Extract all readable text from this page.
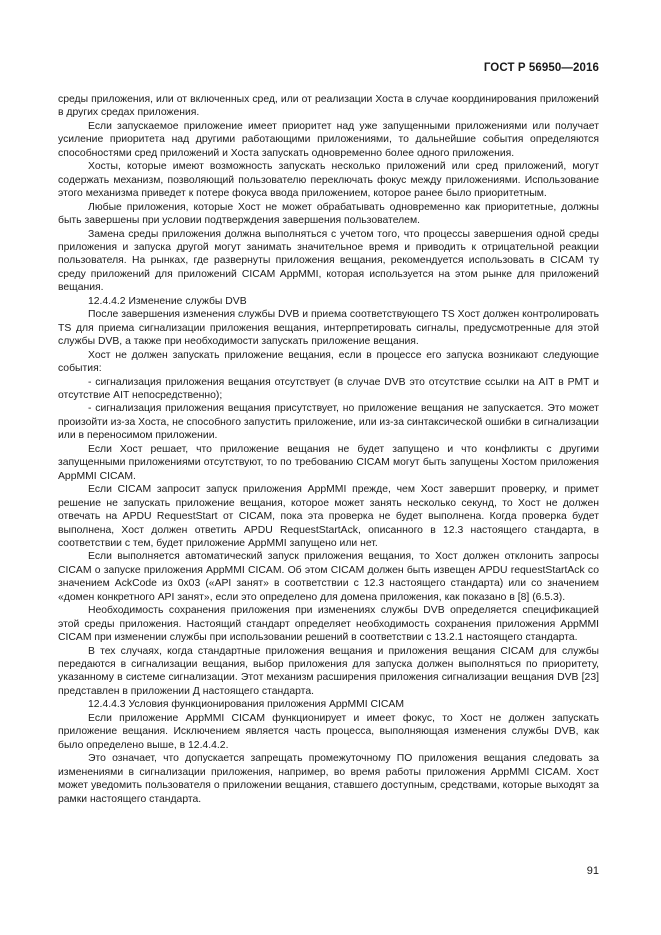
ГОСТ Р 56950—2016

среды приложения, или от включенных сред, или от реализации Хоста в случае координирования приложений в других средах приложения.

Если запускаемое приложение имеет приоритет над уже запущенными приложениями или получает усиление приоритета над другими работающими приложениями, то дальнейшие события определяются способностями сред приложений и Хоста запускать одновременно более одного приложения.

Хосты, которые имеют возможность запускать несколько приложений или сред приложений, могут содержать механизм, позволяющий пользователю переключать фокус между приложениями. Использование этого механизма приведет к потере фокуса ввода приложением, которое ранее было приоритетным.

Любые приложения, которые Хост не может обрабатывать одновременно как приоритетные, должны быть завершены при условии подтверждения завершения пользователем.

Замена среды приложения должна выполняться с учетом того, что процессы завершения одной среды приложения и запуска другой могут занимать значительное время и приводить к отрицательной реакции пользователя. На рынках, где развернуты приложения вещания, рекомендуется использовать в CICAM ту среду приложений для приложений CICAM AppMMI, которая используется на этом рынке для приложений вещания.

12.4.4.2 Изменение службы DVB

После завершения изменения службы DVB и приема соответствующего TS Хост должен контролировать TS для приема сигнализации приложения вещания, интерпретировать сигналы, предусмотренные для этой службы DVB, а также при необходимости запускать приложение вещания.

Хост не должен запускать приложение вещания, если в процессе его запуска возникают следующие события:

- сигнализация приложения вещания отсутствует (в случае DVB это отсутствие ссылки на AIT в PMT и отсутствие AIT непосредственно);

- сигнализация приложения вещания присутствует, но приложение вещания не запускается. Это может произойти из-за Хоста, не способного запустить приложение, или из-за синтаксической ошибки в сигнализации или в переносимом приложении.

Если Хост решает, что приложение вещания не будет запущено и что конфликты с другими запущенными приложениями отсутствуют, то по требованию CICAM могут быть запущены Хостом приложения AppMMI CICAM.

Если CICAM запросит запуск приложения AppMMI прежде, чем Хост завершит проверку, и примет решение не запускать приложение вещания, которое может занять несколько секунд, то Хост не должен отвечать на APDU RequestStart от CICAM, пока эта проверка не будет выполнена. Когда проверка будет выполнена, Хост должен ответить APDU RequestStartAck, описанного в 12.3 настоящего стандарта, в соответствии с тем, будет приложение AppMMI запущено или нет.

Если выполняется автоматический запуск приложения вещания, то Хост должен отклонить запросы CICAM о запуске приложения AppMMI CICAM. Об этом CICAM должен быть извещен APDU requestStartAck со значением AckCode из 0x03 («API занят» в соответствии с 12.3 настоящего стандарта) или со значением «домен конкретного API занят», если это определено для домена приложения, как показано в [8] (6.5.3).

Необходимость сохранения приложения при изменениях службы DVB определяется спецификацией этой среды приложения. Настоящий стандарт определяет необходимость сохранения приложения AppMMI CICAM при изменении службы при использовании решений в соответствии с 13.2.1 настоящего стандарта.

В тех случаях, когда стандартные приложения вещания и приложения вещания CICAM для службы передаются в сигнализации вещания, выбор приложения для запуска должен выполняться по приоритету, указанному в системе сигнализации. Этот механизм расширения приложения сигнализации вещания DVB [23] представлен в приложении Д настоящего стандарта.

12.4.4.3 Условия функционирования приложения AppMMI CICAM

Если приложение AppMMI CICAM функционирует и имеет фокус, то Хост не должен запускать приложение вещания. Исключением является часть процесса, выполняющая изменения службы DVB, как было определено выше, в 12.4.4.2.

Это означает, что допускается запрещать промежуточному ПО приложения вещания следовать за изменениями в сигнализации приложения, например, во время работы приложения AppMMI CICAM. Хост может уведомить пользователя о приложении вещания, ставшего доступным, средствами, которые выходят за рамки настоящего стандарта.

91
